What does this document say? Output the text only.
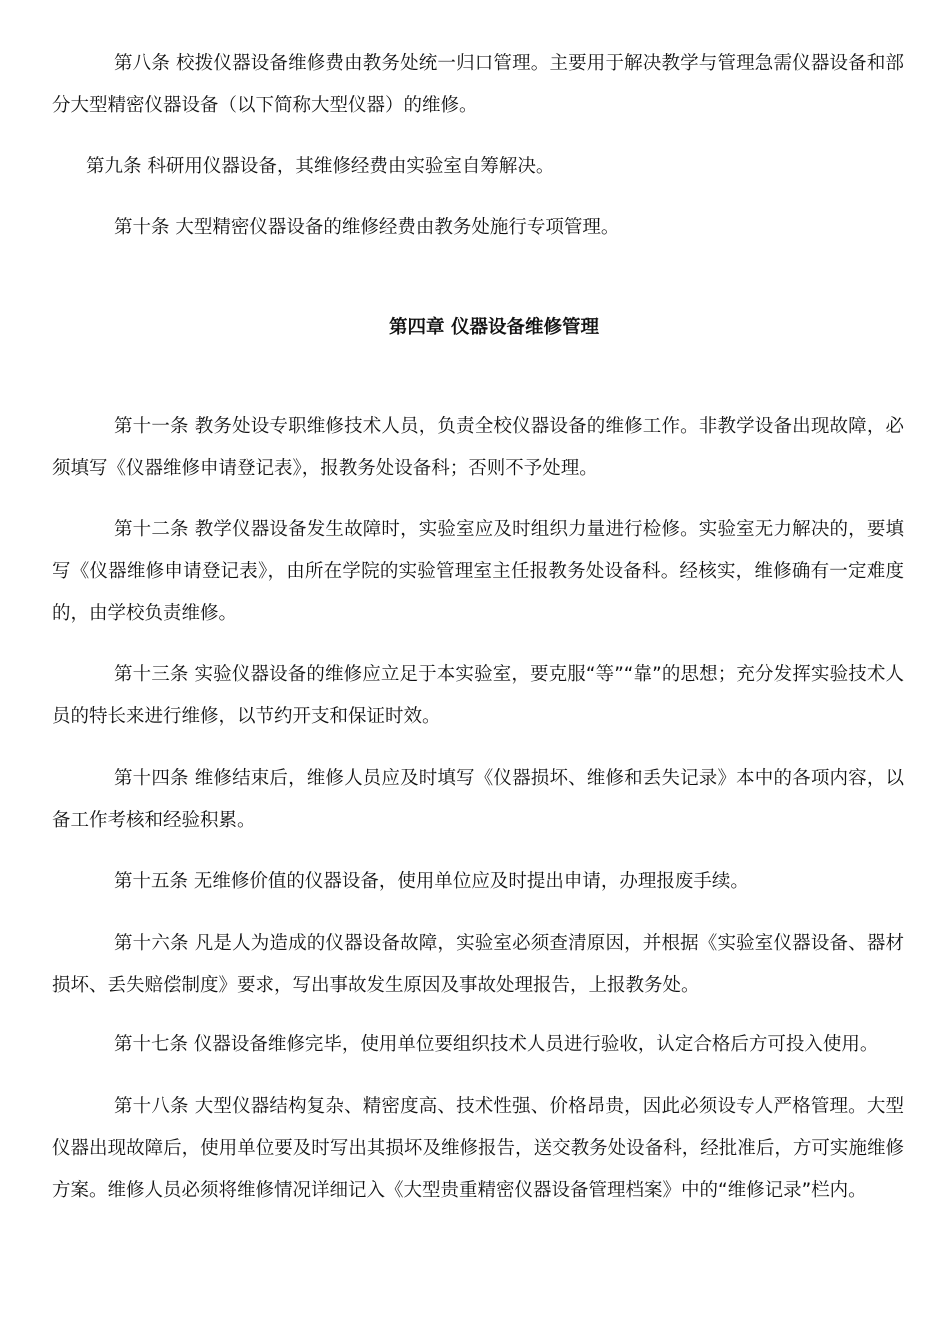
第八条 校拨仪器设备维修费由教务处统一归口管理。主要用于解决教学与管理急需仪器设备和部分大型精密仪器设备（以下简称大型仪器）的维修。

第九条 科研用仪器设备，其维修经费由实验室自筹解决。

第十条 大型精密仪器设备的维修经费由教务处施行专项管理。

第四章 仪器设备维修管理

第十一条 教务处设专职维修技术人员，负责全校仪器设备的维修工作。非教学设备出现故障，必须填写《仪器维修申请登记表》，报教务处设备科；否则不予处理。

第十二条 教学仪器设备发生故障时，实验室应及时组织力量进行检修。实验室无力解决的，要填写《仪器维修申请登记表》，由所在学院的实验管理室主任报教务处设备科。经核实，维修确有一定难度的，由学校负责维修。

第十三条 实验仪器设备的维修应立足于本实验室，要克服“等”“靠”的思想；充分发挥实验技术人员的特长来进行维修，以节约开支和保证时效。

第十四条 维修结束后，维修人员应及时填写《仪器损坏、维修和丢失记录》本中的各项内容，以备工作考核和经验积累。

第十五条 无维修价值的仪器设备，使用单位应及时提出申请，办理报废手续。

第十六条 凡是人为造成的仪器设备故障，实验室必须查清原因，并根据《实验室仪器设备、器材损坏、丢失赔偿制度》要求，写出事故发生原因及事故处理报告，上报教务处。

第十七条 仪器设备维修完毕，使用单位要组织技术人员进行验收，认定合格后方可投入使用。

第十八条 大型仪器结构复杂、精密度高、技术性强、价格昂贵，因此必须设专人严格管理。大型仪器出现故障后，使用单位要及时写出其损坏及维修报告，送交教务处设备科，经批准后，方可实施维修方案。维修人员必须将维修情况详细记入《大型贵重精密仪器设备管理档案》中的“维修记录”栏内。
